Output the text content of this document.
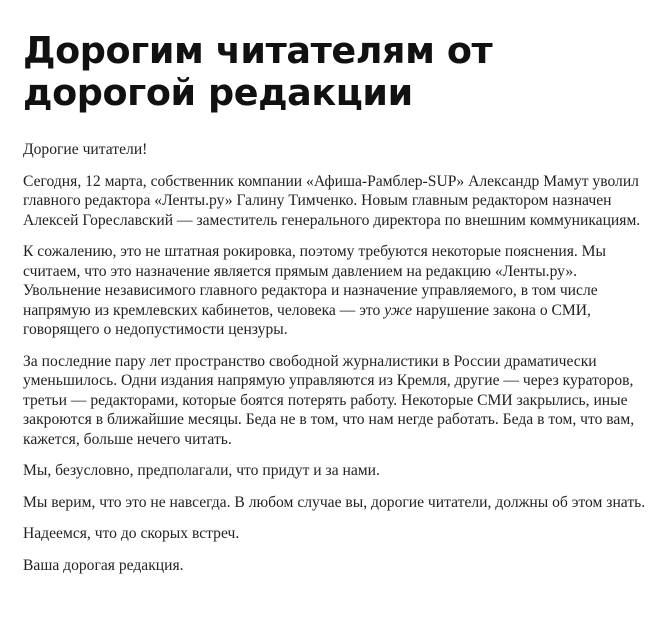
Дорогим читателям от дорогой редакции

Дорогие читатели!

Сегодня, 12 марта, собственник компании «Афиша-Рамблер-SUP» Александр Мамут уволил главного редактора «Ленты.ру» Галину Тимченко. Новым главным редактором назначен Алексей Гореславский — заместитель генерального директора по внешним коммуникациям.

К сожалению, это не штатная рокировка, поэтому требуются некоторые пояснения. Мы считаем, что это назначение является прямым давлением на редакцию «Ленты.ру». Увольнение независимого главного редактора и назначение управляемого, в том числе напрямую из кремлевских кабинетов, человека — это уже нарушение закона о СМИ, говорящего о недопустимости цензуры.

За последние пару лет пространство свободной журналистики в России драматически уменьшилось. Одни издания напрямую управляются из Кремля, другие — через кураторов, третьи — редакторами, которые боятся потерять работу. Некоторые СМИ закрылись, иные закроются в ближайшие месяцы. Беда не в том, что нам негде работать. Беда в том, что вам, кажется, больше нечего читать.

Мы, безусловно, предполагали, что придут и за нами.

Мы верим, что это не навсегда. В любом случае вы, дорогие читатели, должны об этом знать.

Надеемся, что до скорых встреч.

Ваша дорогая редакция.
